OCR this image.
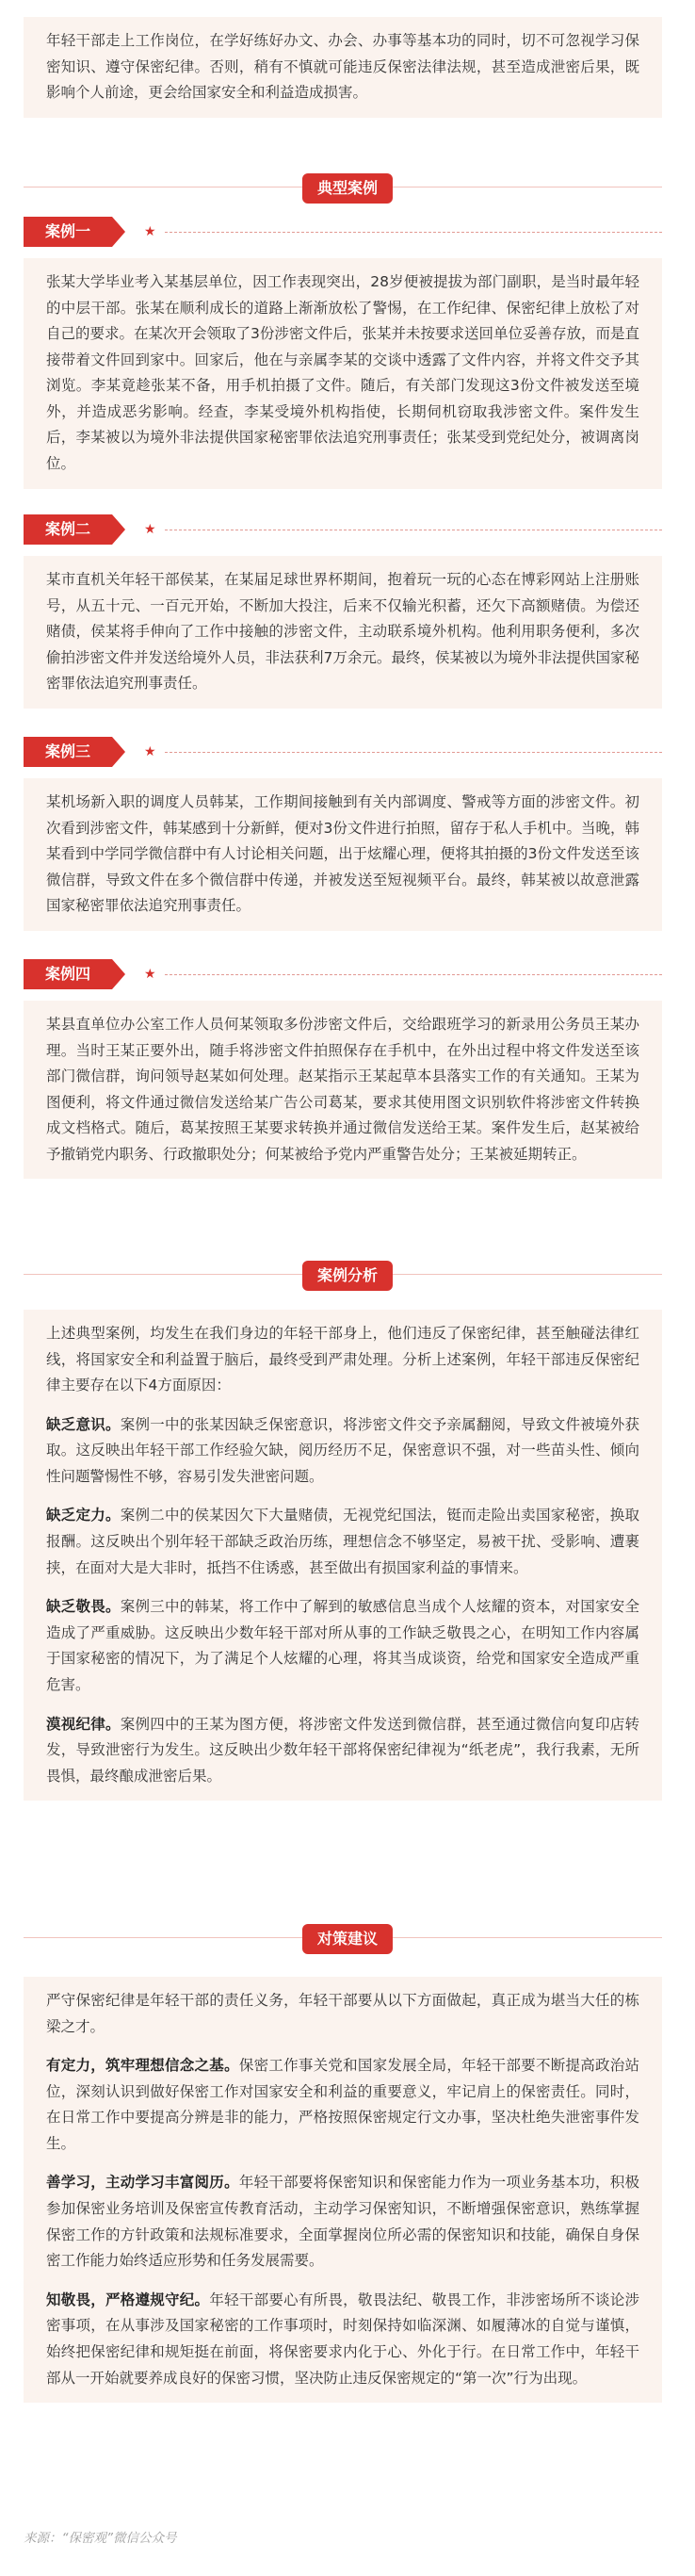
年轻干部走上工作岗位，在学好练好办文、办会、办事等基本功的同时，切不可忽视学习保密知识、遵守保密纪律。否则，稍有不慎就可能违反保密法律法规，甚至造成泄密后果，既影响个人前途，更会给国家安全和利益造成损害。

典型案例
案例一	★

张某大学毕业考入某基层单位，因工作表现突出，28岁便被提拔为部门副职，是当时最年轻的中层干部。张某在顺利成长的道路上渐渐放松了警惕，在工作纪律、保密纪律上放松了对自己的要求。在某次开会领取了3份涉密文件后，张某并未按要求送回单位妥善存放，而是直接带着文件回到家中。回家后，他在与亲属李某的交谈中透露了文件内容，并将文件交予其浏览。李某竟趁张某不备，用手机拍摄了文件。随后，有关部门发现这3份文件被发送至境外，并造成恶劣影响。经查，李某受境外机构指使，长期伺机窃取我涉密文件。案件发生后，李某被以为境外非法提供国家秘密罪依法追究刑事责任；张某受到党纪处分，被调离岗位。

案例二	★

某市直机关年轻干部侯某，在某届足球世界杯期间，抱着玩一玩的心态在博彩网站上注册账号，从五十元、一百元开始，不断加大投注，后来不仅输光积蓄，还欠下高额赌债。为偿还赌债，侯某将手伸向了工作中接触的涉密文件，主动联系境外机构。他利用职务便利，多次偷拍涉密文件并发送给境外人员，非法获利7万余元。最终，侯某被以为境外非法提供国家秘密罪依法追究刑事责任。

案例三	★

某机场新入职的调度人员韩某，工作期间接触到有关内部调度、警戒等方面的涉密文件。初次看到涉密文件，韩某感到十分新鲜，便对3份文件进行拍照，留存于私人手机中。当晚，韩某看到中学同学微信群中有人讨论相关问题，出于炫耀心理，便将其拍摄的3份文件发送至该微信群，导致文件在多个微信群中传递，并被发送至短视频平台。最终，韩某被以故意泄露国家秘密罪依法追究刑事责任。

案例四	★

某县直单位办公室工作人员何某领取多份涉密文件后，交给跟班学习的新录用公务员王某办理。当时王某正要外出，随手将涉密文件拍照保存在手机中，在外出过程中将文件发送至该部门微信群，询问领导赵某如何处理。赵某指示王某起草本县落实工作的有关通知。王某为图便利，将文件通过微信发送给某广告公司葛某，要求其使用图文识别软件将涉密文件转换成文档格式。随后，葛某按照王某要求转换并通过微信发送给王某。案件发生后，赵某被给予撤销党内职务、行政撤职处分；何某被给予党内严重警告处分；王某被延期转正。

案例分析

上述典型案例，均发生在我们身边的年轻干部身上，他们违反了保密纪律，甚至触碰法律红线，将国家安全和利益置于脑后，最终受到严肃处理。分析上述案例，年轻干部违反保密纪律主要存在以下4方面原因：

缺乏意识。案例一中的张某因缺乏保密意识，将涉密文件交予亲属翻阅，导致文件被境外获取。这反映出年轻干部工作经验欠缺，阅历经历不足，保密意识不强，对一些苗头性、倾向性问题警惕性不够，容易引发失泄密问题。

缺乏定力。案例二中的侯某因欠下大量赌债，无视党纪国法，铤而走险出卖国家秘密，换取报酬。这反映出个别年轻干部缺乏政治历练，理想信念不够坚定，易被干扰、受影响、遭裹挟，在面对大是大非时，抵挡不住诱惑，甚至做出有损国家利益的事情来。

缺乏敬畏。案例三中的韩某，将工作中了解到的敏感信息当成个人炫耀的资本，对国家安全造成了严重威胁。这反映出少数年轻干部对所从事的工作缺乏敬畏之心，在明知工作内容属于国家秘密的情况下，为了满足个人炫耀的心理，将其当成谈资，给党和国家安全造成严重危害。

漠视纪律。案例四中的王某为图方便，将涉密文件发送到微信群，甚至通过微信向复印店转发，导致泄密行为发生。这反映出少数年轻干部将保密纪律视为“纸老虎”，我行我素，无所畏惧，最终酿成泄密后果。

对策建议

严守保密纪律是年轻干部的责任义务，年轻干部要从以下方面做起，真正成为堪当大任的栋梁之才。

有定力，筑牢理想信念之基。保密工作事关党和国家发展全局，年轻干部要不断提高政治站位，深刻认识到做好保密工作对国家安全和利益的重要意义，牢记肩上的保密责任。同时，在日常工作中要提高分辨是非的能力，严格按照保密规定行文办事，坚决杜绝失泄密事件发生。

善学习，主动学习丰富阅历。年轻干部要将保密知识和保密能力作为一项业务基本功，积极参加保密业务培训及保密宣传教育活动，主动学习保密知识，不断增强保密意识，熟练掌握保密工作的方针政策和法规标准要求，全面掌握岗位所必需的保密知识和技能，确保自身保密工作能力始终适应形势和任务发展需要。

知敬畏，严格遵规守纪。年轻干部要心有所畏，敬畏法纪、敬畏工作，非涉密场所不谈论涉密事项，在从事涉及国家秘密的工作事项时，时刻保持如临深渊、如履薄冰的自觉与谨慎，始终把保密纪律和规矩挺在前面，将保密要求内化于心、外化于行。在日常工作中，年轻干部从一开始就要养成良好的保密习惯，坚决防止违反保密规定的“第一次”行为出现。

来源：“保密观”微信公众号
